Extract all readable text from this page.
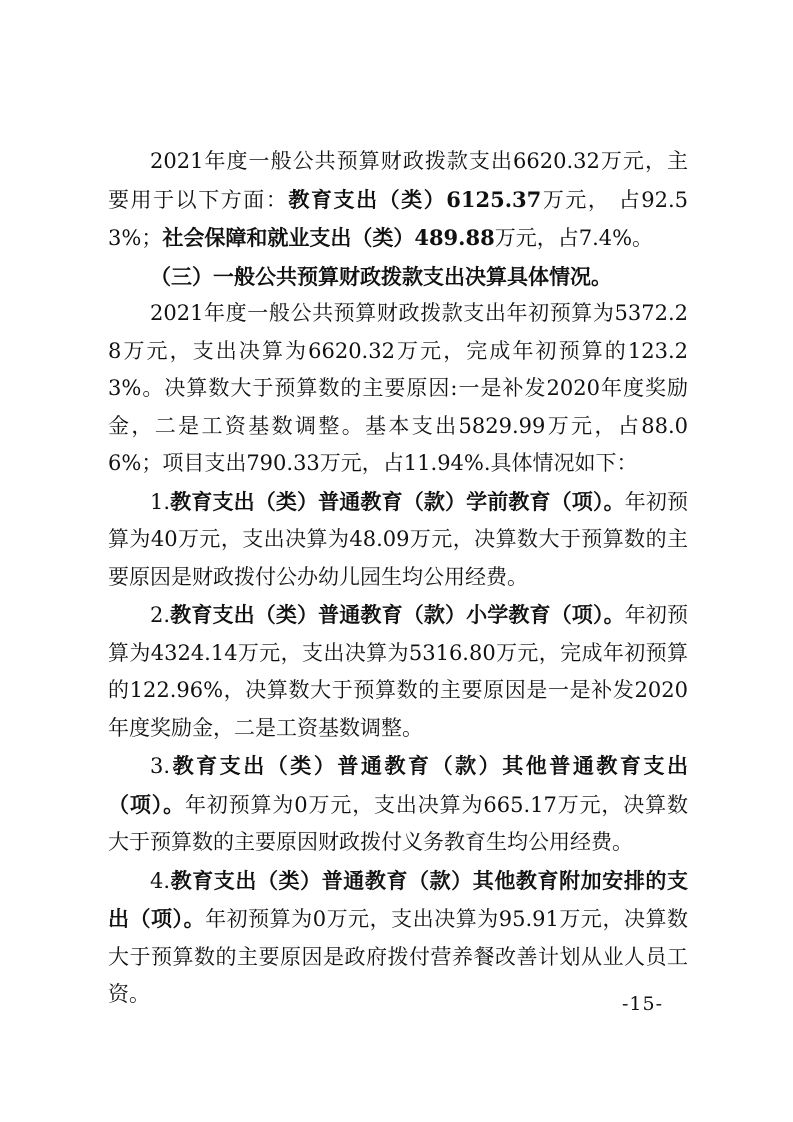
2021年度一般公共预算财政拨款支出6620.32万元，主要用于以下方面：教育支出（类）6125.37万元， 占92.53%；社会保障和就业支出（类）489.88万元，占7.4%。

（三）一般公共预算财政拨款支出决算具体情况。

2021年度一般公共预算财政拨款支出年初预算为5372.28万元，支出决算为6620.32万元，完成年初预算的123.23%。决算数大于预算数的主要原因:一是补发2020年度奖励金，二是工资基数调整。基本支出5829.99万元，占88.06%；项目支出790.33万元，占11.94%.具体情况如下：

1.教育支出（类）普通教育（款）学前教育（项）。年初预算为40万元，支出决算为48.09万元，决算数大于预算数的主要原因是财政拨付公办幼儿园生均公用经费。

2.教育支出（类）普通教育（款）小学教育（项）。年初预算为4324.14万元，支出决算为5316.80万元，完成年初预算的122.96%，决算数大于预算数的主要原因是一是补发2020年度奖励金，二是工资基数调整。

3.教育支出（类）普通教育（款）其他普通教育支出（项）。年初预算为0万元，支出决算为665.17万元，决算数大于预算数的主要原因财政拨付义务教育生均公用经费。

4.教育支出（类）普通教育（款）其他教育附加安排的支出（项）。年初预算为0万元，支出决算为95.91万元，决算数大于预算数的主要原因是政府拨付营养餐改善计划从业人员工资。	-15-
